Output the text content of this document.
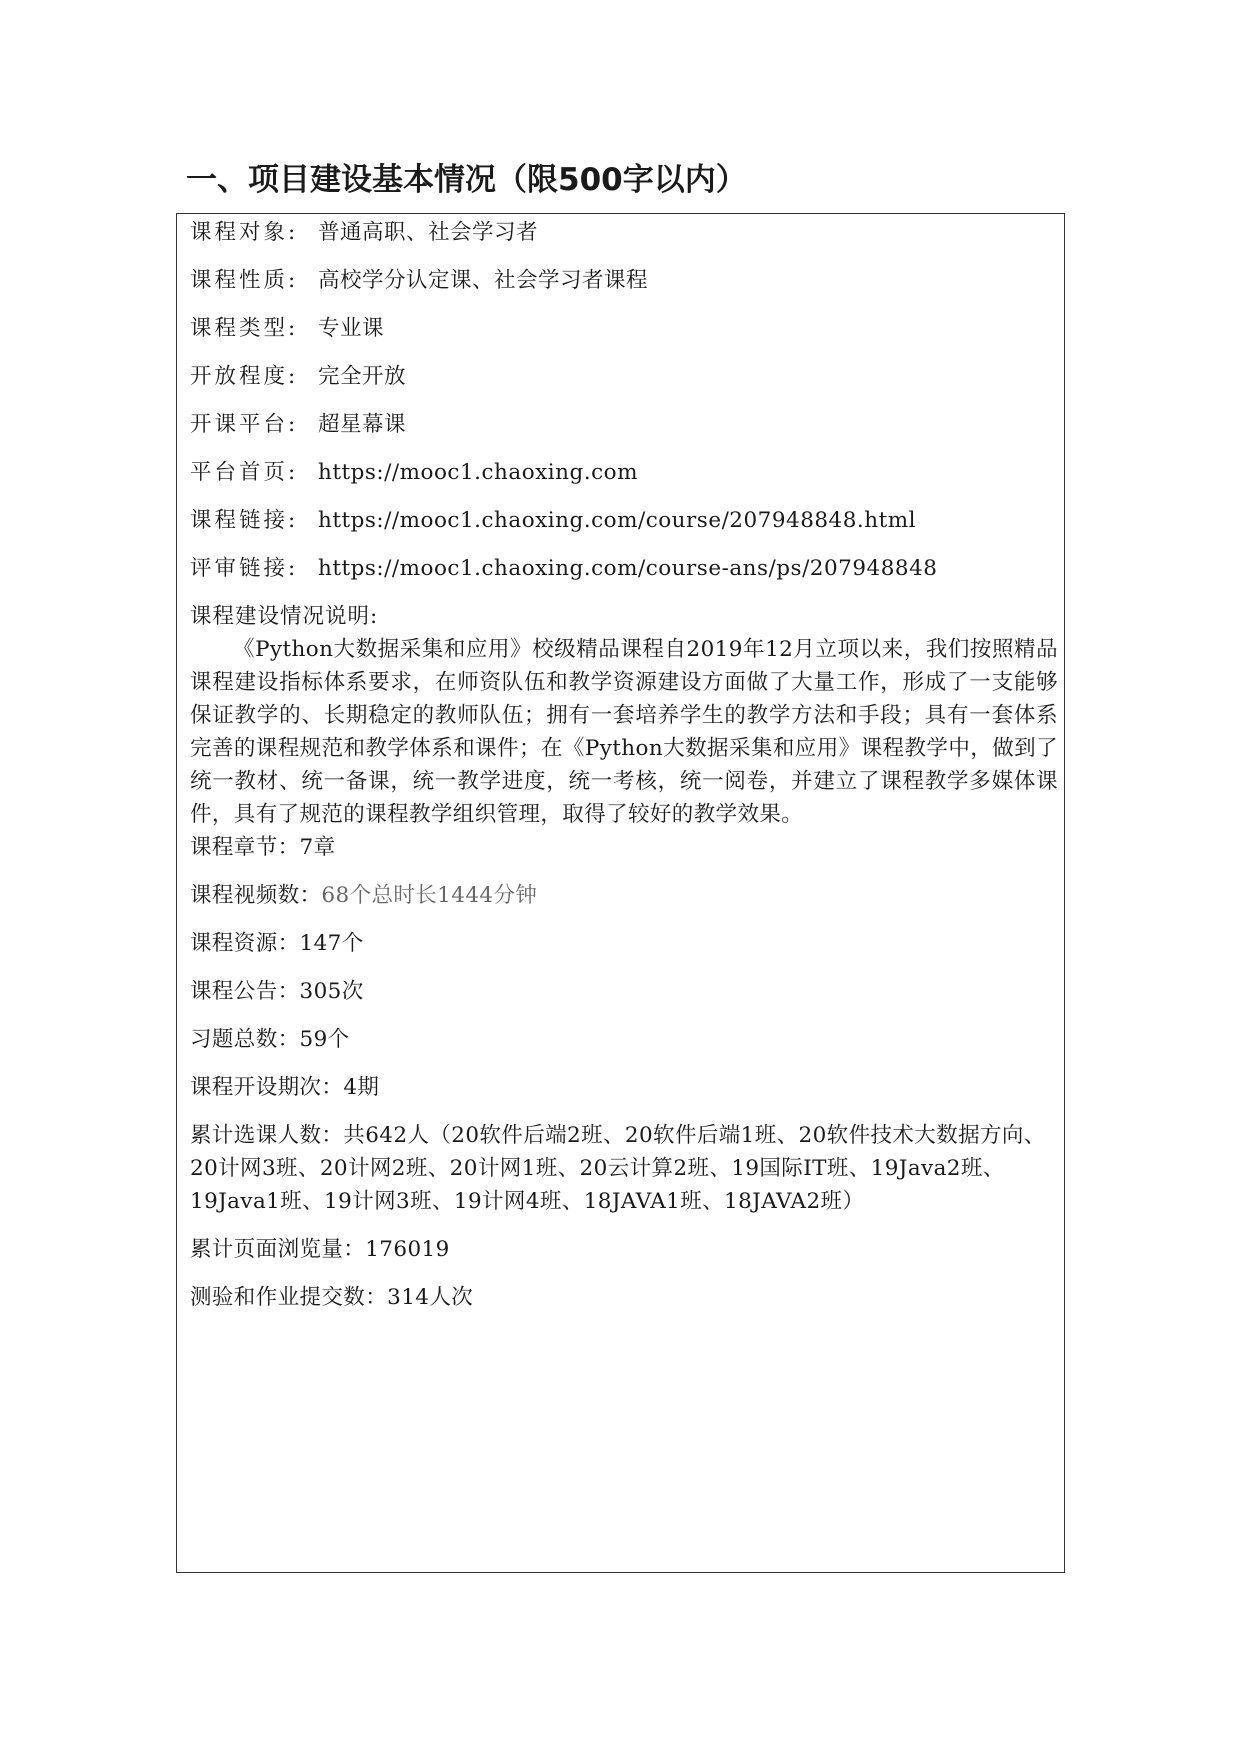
一、项目建设基本情况（限500字以内）
课程对象: 普通高职、社会学习者
课程性质: 高校学分认定课、社会学习者课程
课程类型: 专业课
开放程度: 完全开放
开课平台: 超星幕课
平台首页: https://mooc1.chaoxing.com
课程链接: https://mooc1.chaoxing.com/course/207948848.html
评审链接: https://mooc1.chaoxing.com/course-ans/ps/207948848

课程建设情况说明:

《Python大数据采集和应用》校级精品课程自2019年12月立项以来，我们按照精品课程建设指标体系要求，在师资队伍和教学资源建设方面做了大量工作，形成了一支能够保证教学的、长期稳定的教师队伍；拥有一套培养学生的教学方法和手段；具有一套体系完善的课程规范和教学体系和课件；在《Python大数据采集和应用》课程教学中，做到了统一教材、统一备课，统一教学进度，统一考核，统一阅卷，并建立了课程教学多媒体课件，具有了规范的课程教学组织管理，取得了较好的教学效果。

课程章节：7章

课程视频数：68个总时长1444分钟

课程资源：147个

课程公告：305次

习题总数：59个

课程开设期次：4期

累计选课人数：共642人（20软件后端2班、20软件后端1班、20软件技术大数据方向、20计网3班、20计网2班、20计网1班、20云计算2班、19国际IT班、19Java2班、19Java1班、19计网3班、19计网4班、18JAVA1班、18JAVA2班）

累计页面浏览量：176019

测验和作业提交数：314人次
